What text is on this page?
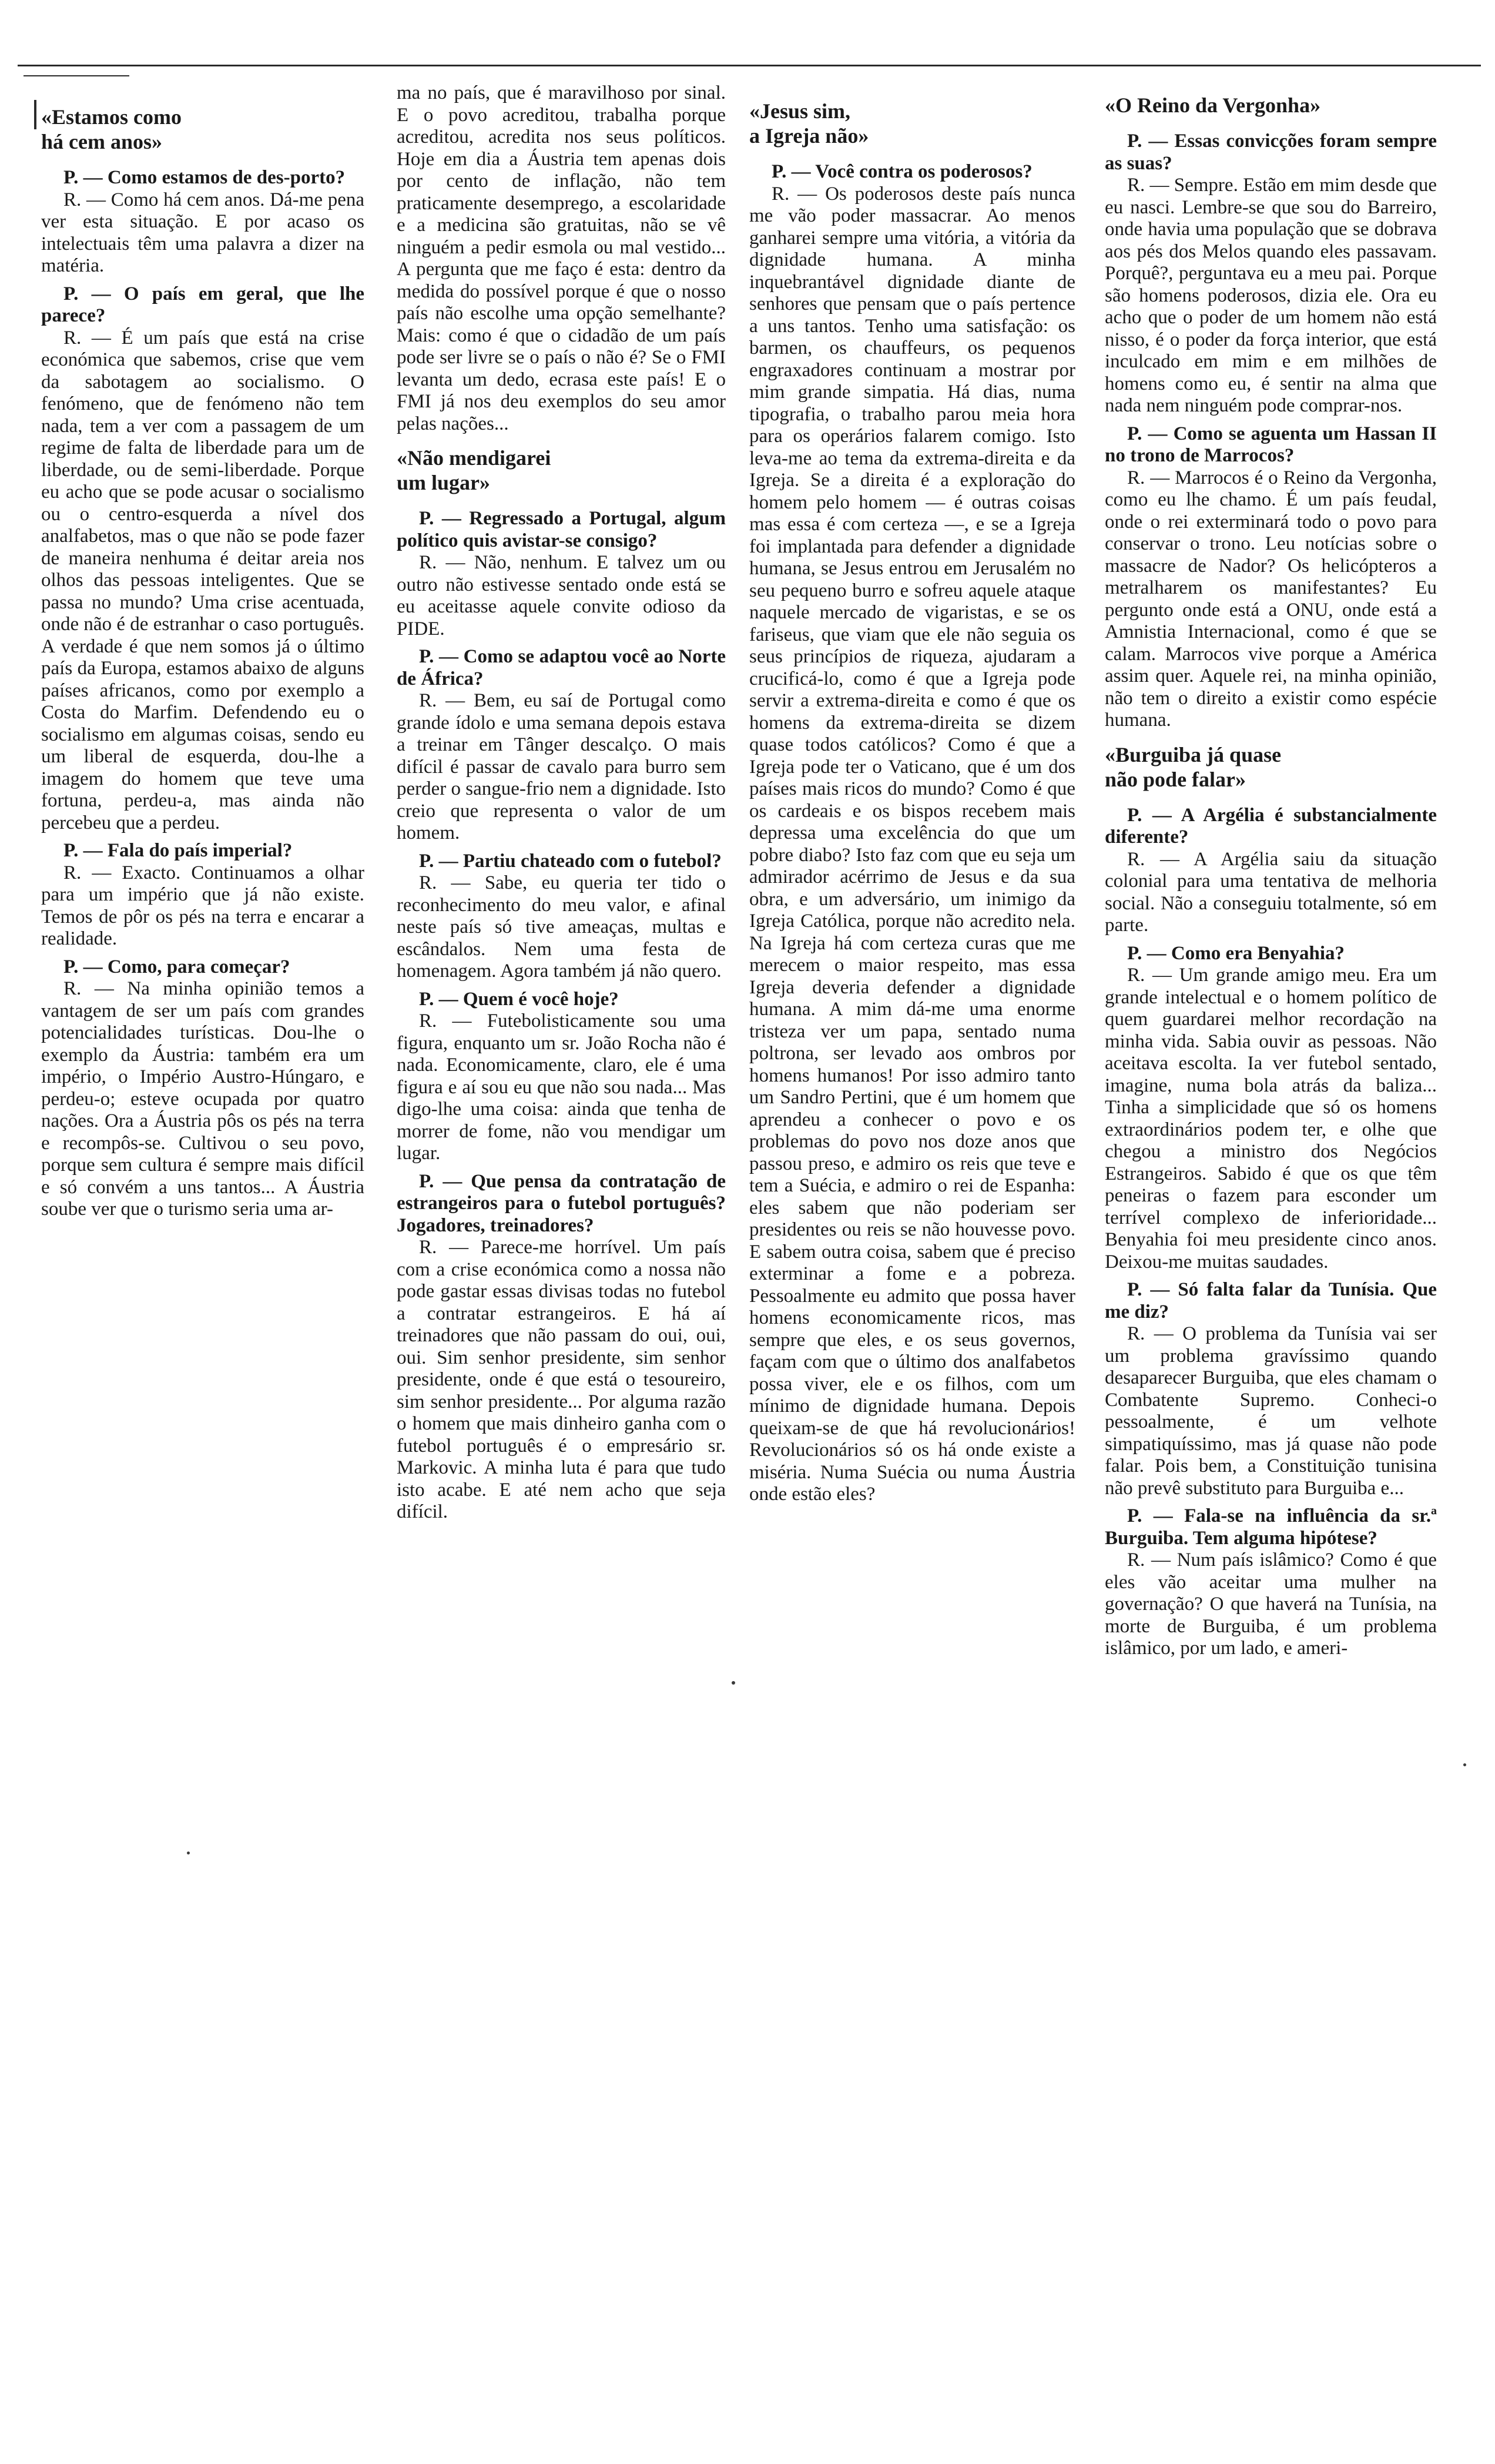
«Estamos como
há cem anos»

P. — Como estamos de des-porto?

R. — Como há cem anos. Dá-me pena ver esta situação. E por acaso os intelectuais têm uma palavra a dizer na matéria.

P. — O país em geral, que lhe parece?

R. — É um país que está na crise económica que sabemos, crise que vem da sabotagem ao socialismo. O fenómeno, que de fenómeno não tem nada, tem a ver com a passagem de um regime de falta de liberdade para um de liberdade, ou de semi-liberdade. Porque eu acho que se pode acusar o socialismo ou o centro-esquerda a nível dos analfabetos, mas o que não se pode fazer de maneira nenhuma é deitar areia nos olhos das pessoas inteligentes. Que se passa no mundo? Uma crise acentuada, onde não é de estranhar o caso português. A verdade é que nem somos já o último país da Europa, estamos abaixo de alguns países africanos, como por exemplo a Costa do Marfim. Defendendo eu o socialismo em algumas coisas, sendo eu um liberal de esquerda, dou-lhe a imagem do homem que teve uma fortuna, perdeu-a, mas ainda não percebeu que a perdeu.

P. — Fala do país imperial?

R. — Exacto. Continuamos a olhar para um império que já não existe. Temos de pôr os pés na terra e encarar a realidade.

P. — Como, para começar?

R. — Na minha opinião temos a vantagem de ser um país com grandes potencialidades turísticas. Dou-lhe o exemplo da Áustria: também era um império, o Império Austro-Húngaro, e perdeu-o; esteve ocupada por quatro nações. Ora a Áustria pôs os pés na terra e recompôs-se. Cultivou o seu povo, porque sem cultura é sempre mais difícil e só convém a uns tantos... A Áustria soube ver que o turismo seria uma ar-

ma no país, que é maravilhoso por sinal. E o povo acreditou, trabalha porque acreditou, acredita nos seus políticos. Hoje em dia a Áustria tem apenas dois por cento de inflação, não tem praticamente desemprego, a escolaridade e a medicina são gratuitas, não se vê ninguém a pedir esmola ou mal vestido... A pergunta que me faço é esta: dentro da medida do possível porque é que o nosso país não escolhe uma opção semelhante? Mais: como é que o cidadão de um país pode ser livre se o país o não é? Se o FMI levanta um dedo, ecrasa este país! E o FMI já nos deu exemplos do seu amor pelas nações...

«Não mendigarei
um lugar»

P. — Regressado a Portugal, algum político quis avistar-se consigo?

R. — Não, nenhum. E talvez um ou outro não estivesse sentado onde está se eu aceitasse aquele convite odioso da PIDE.

P. — Como se adaptou você ao Norte de África?

R. — Bem, eu saí de Portugal como grande ídolo e uma semana depois estava a treinar em Tânger descalço. O mais difícil é passar de cavalo para burro sem perder o sangue-frio nem a dignidade. Isto creio que representa o valor de um homem.

P. — Partiu chateado com o futebol?

R. — Sabe, eu queria ter tido o reconhecimento do meu valor, e afinal neste país só tive ameaças, multas e escândalos. Nem uma festa de homenagem. Agora também já não quero.

P. — Quem é você hoje?

R. — Futebolisticamente sou uma figura, enquanto um sr. João Rocha não é nada. Economicamente, claro, ele é uma figura e aí sou eu que não sou nada... Mas digo-lhe uma coisa: ainda que tenha de morrer de fome, não vou mendigar um lugar.

P. — Que pensa da contratação de estrangeiros para o futebol português? Jogadores, treinadores?

R. — Parece-me horrível. Um país com a crise económica como a nossa não pode gastar essas divisas todas no futebol a contratar estrangeiros. E há aí treinadores que não passam do oui, oui, oui. Sim senhor presidente, sim senhor presidente, onde é que está o tesoureiro, sim senhor presidente... Por alguma razão o homem que mais dinheiro ganha com o futebol português é o empresário sr. Markovic. A minha luta é para que tudo isto acabe. E até nem acho que seja difícil.

«Jesus sim,
a Igreja não»

P. — Você contra os poderosos?

R. — Os poderosos deste país nunca me vão poder massacrar. Ao menos ganharei sempre uma vitória, a vitória da dignidade humana. A minha inquebrantável dignidade diante de senhores que pensam que o país pertence a uns tantos. Tenho uma satisfação: os barmen, os chauffeurs, os pequenos engraxadores continuam a mostrar por mim grande simpatia. Há dias, numa tipografia, o trabalho parou meia hora para os operários falarem comigo. Isto leva-me ao tema da extrema-direita e da Igreja. Se a direita é a exploração do homem pelo homem — é outras coisas mas essa é com certeza —, e se a Igreja foi implantada para defender a dignidade humana, se Jesus entrou em Jerusalém no seu pequeno burro e sofreu aquele ataque naquele mercado de vigaristas, e se os fariseus, que viam que ele não seguia os seus princípios de riqueza, ajudaram a crucificá-lo, como é que a Igreja pode servir a extrema-direita e como é que os homens da extrema-direita se dizem quase todos católicos? Como é que a Igreja pode ter o Vaticano, que é um dos países mais ricos do mundo? Como é que os cardeais e os bispos recebem mais depressa uma excelência do que um pobre diabo? Isto faz com que eu seja um admirador acérrimo de Jesus e da sua obra, e um adversário, um inimigo da Igreja Católica, porque não acredito nela. Na Igreja há com certeza curas que me merecem o maior respeito, mas essa Igreja deveria defender a dignidade humana. A mim dá-me uma enorme tristeza ver um papa, sentado numa poltrona, ser levado aos ombros por homens humanos! Por isso admiro tanto um Sandro Pertini, que é um homem que aprendeu a conhecer o povo e os problemas do povo nos doze anos que passou preso, e admiro os reis que teve e tem a Suécia, e admiro o rei de Espanha: eles sabem que não poderiam ser presidentes ou reis se não houvesse povo. E sabem outra coisa, sabem que é preciso exterminar a fome e a pobreza. Pessoalmente eu admito que possa haver homens economicamente ricos, mas sempre que eles, e os seus governos, façam com que o último dos analfabetos possa viver, ele e os filhos, com um mínimo de dignidade humana. Depois queixam-se de que há revolucionários! Revolucionários só os há onde existe a miséria. Numa Suécia ou numa Áustria onde estão eles?

«O Reino da Vergonha»

P. — Essas convicções foram sempre as suas?

R. — Sempre. Estão em mim desde que eu nasci. Lembre-se que sou do Barreiro, onde havia uma população que se dobrava aos pés dos Melos quando eles passavam. Porquê?, perguntava eu a meu pai. Porque são homens poderosos, dizia ele. Ora eu acho que o poder de um homem não está nisso, é o poder da força interior, que está inculcado em mim e em milhões de homens como eu, é sentir na alma que nada nem ninguém pode comprar-nos.

P. — Como se aguenta um Hassan II no trono de Marrocos?

R. — Marrocos é o Reino da Vergonha, como eu lhe chamo. É um país feudal, onde o rei exterminará todo o povo para conservar o trono. Leu notícias sobre o massacre de Nador? Os helicópteros a metralharem os manifestantes? Eu pergunto onde está a ONU, onde está a Amnistia Internacional, como é que se calam. Marrocos vive porque a América assim quer. Aquele rei, na minha opinião, não tem o direito a existir como espécie humana.

«Burguiba já quase
não pode falar»

P. — A Argélia é substancialmente diferente?

R. — A Argélia saiu da situação colonial para uma tentativa de melhoria social. Não a conseguiu totalmente, só em parte.

P. — Como era Benyahia?

R. — Um grande amigo meu. Era um grande intelectual e o homem político de quem guardarei melhor recordação na minha vida. Sabia ouvir as pessoas. Não aceitava escolta. Ia ver futebol sentado, imagine, numa bola atrás da baliza... Tinha a simplicidade que só os homens extraordinários podem ter, e olhe que chegou a ministro dos Negócios Estrangeiros. Sabido é que os que têm peneiras o fazem para esconder um terrível complexo de inferioridade... Benyahia foi meu presidente cinco anos. Deixou-me muitas saudades.

P. — Só falta falar da Tunísia. Que me diz?

R. — O problema da Tunísia vai ser um problema gravíssimo quando desaparecer Burguiba, que eles chamam o Combatente Supremo. Conheci-o pessoalmente, é um velhote simpatiquíssimo, mas já quase não pode falar. Pois bem, a Constituição tunisina não prevê substituto para Burguiba e...

P. — Fala-se na influência da sr.ª Burguiba. Tem alguma hipótese?

R. — Num país islâmico? Como é que eles vão aceitar uma mulher na governação? O que haverá na Tunísia, na morte de Burguiba, é um problema islâmico, por um lado, e ameri-
